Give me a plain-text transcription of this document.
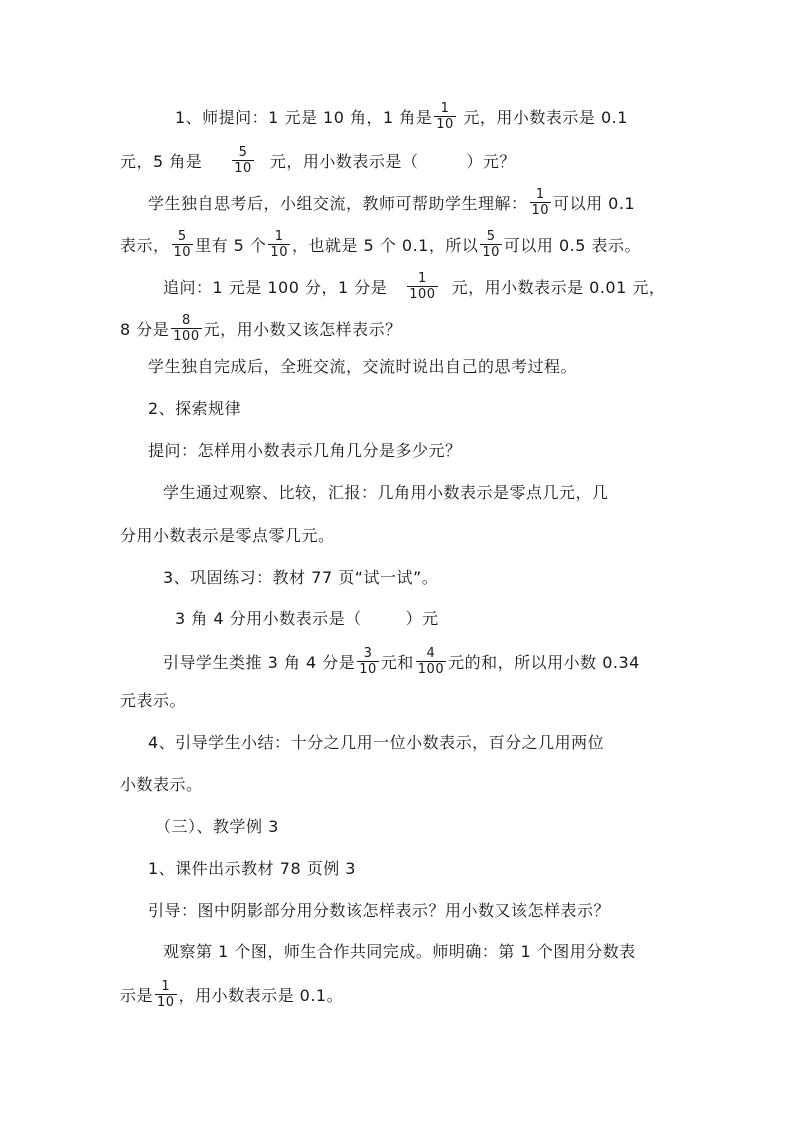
1、师提问：1 元是 10 角，1 角是 $\frac{1}{10}$ 元，用小数表示是 0.1
元，5 角是 $\frac{5}{10}$ 元，用小数表示是（	）元？
学生独自思考后，小组交流，教师可帮助学生理解： $\frac{1}{10}$ 可以用 0.1
表示， $\frac{5}{10}$ 里有 5 个 $\frac{1}{10}$ ，也就是 5 个 0.1，所以 $\frac{5}{10}$ 可以用 0.5 表示。
追问：1 元是 100 分，1 分是 $\frac{1}{100}$ 元，用小数表示是 0.01 元，
8 分是 $\frac{8}{100}$ 元，用小数又该怎样表示？
学生独自完成后，全班交流，交流时说出自己的思考过程。
2、探索规律
提问：怎样用小数表示几角几分是多少元？
学生通过观察、比较，汇报：几角用小数表示是零点几元，几
分用小数表示是零点零几元。
3、巩固练习：教材 77 页“试一试”。
3 角 4 分用小数表示是（	）元
引导学生类推 3 角 4 分是 $\frac{3}{10}$ 元和 $\frac{4}{100}$ 元的和，所以用小数 0.34
元表示。
4、引导学生小结：十分之几用一位小数表示，百分之几用两位
小数表示。
（三）、教学例 3
1、课件出示教材 78 页例 3
引导：图中阴影部分用分数该怎样表示？用小数又该怎样表示？
观察第 1 个图，师生合作共同完成。师明确：第 1 个图用分数表
示是 $\frac{1}{10}$ ，用小数表示是 0.1。
